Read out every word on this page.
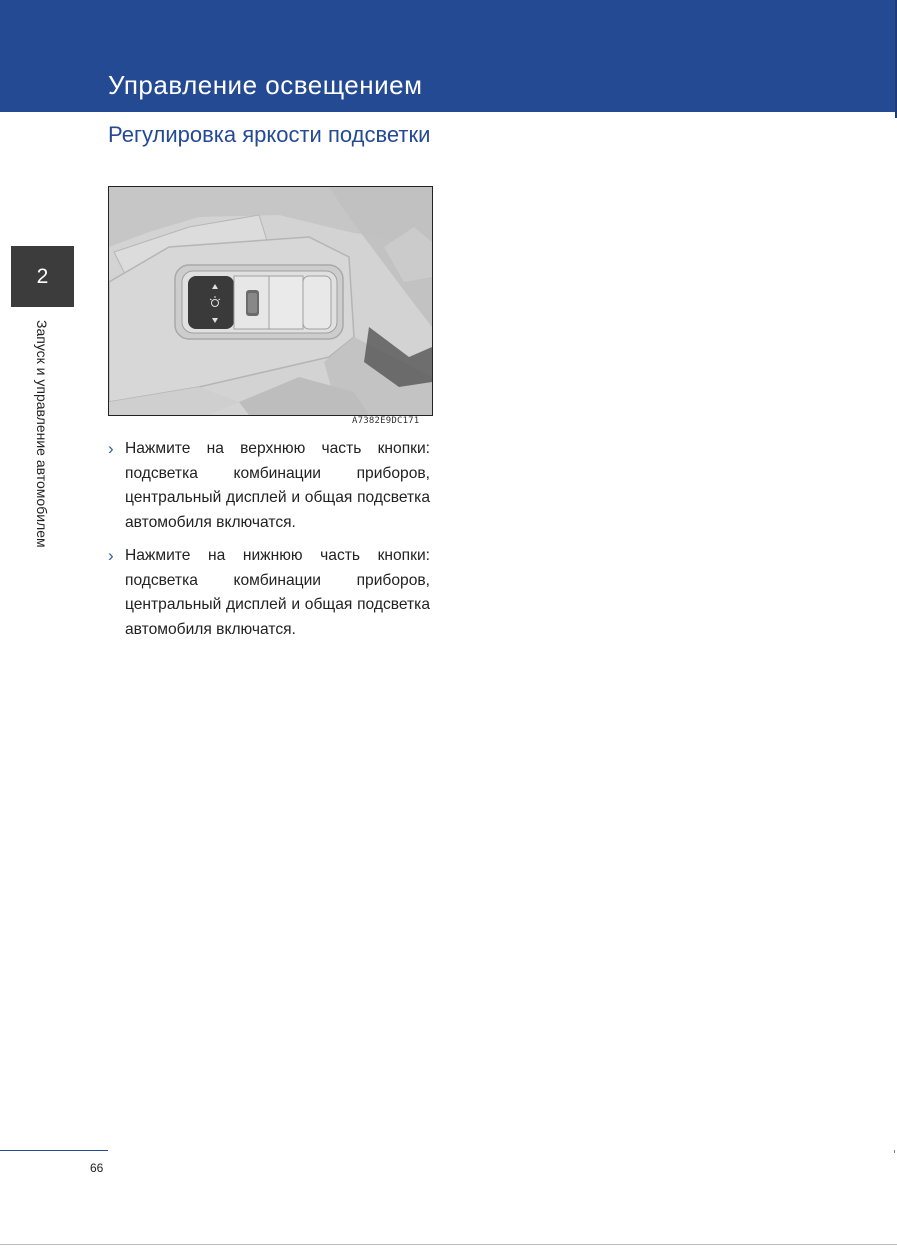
Управление освещением
Регулировка яркости подсветки
2
Запуск и управление автомобилем	A7382E9DC171
› Нажмите на верхнюю часть кнопки: подсветка комбинации приборов, центральный дисплей и общая подсветка автомобиля включатся.
› Нажмите на нижнюю часть кнопки: подсветка комбинации приборов, центральный дисплей и общая подсветка автомобиля включатся.
66
